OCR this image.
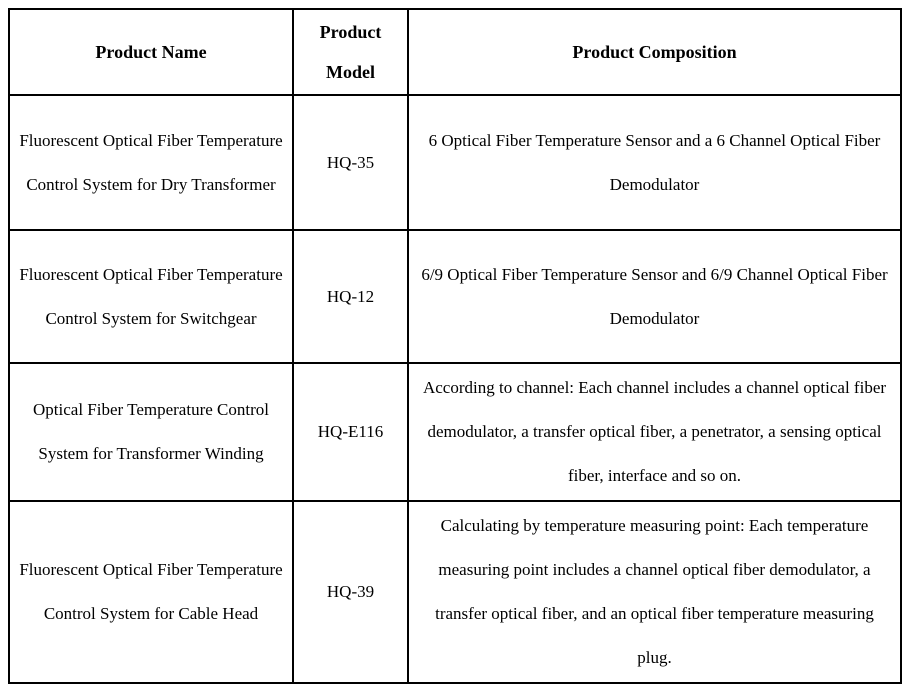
Product Name	Product Model	Product Composition
Fluorescent Optical Fiber Temperature Control System for Dry Transformer	HQ-35	6 Optical Fiber Temperature Sensor and a 6 Channel Optical Fiber Demodulator
Fluorescent Optical Fiber Temperature Control System for Switchgear	HQ-12	6/9 Optical Fiber Temperature Sensor and 6/9 Channel Optical Fiber Demodulator
Optical Fiber Temperature Control System for Transformer Winding	HQ-E116	According to channel: Each channel includes a channel optical fiber demodulator, a transfer optical fiber, a penetrator, a sensing optical fiber, interface and so on.
Fluorescent Optical Fiber Temperature Control System for Cable Head	HQ-39	Calculating by temperature measuring point: Each temperature measuring point includes a channel optical fiber demodulator, a transfer optical fiber, and an optical fiber temperature measuring plug.
